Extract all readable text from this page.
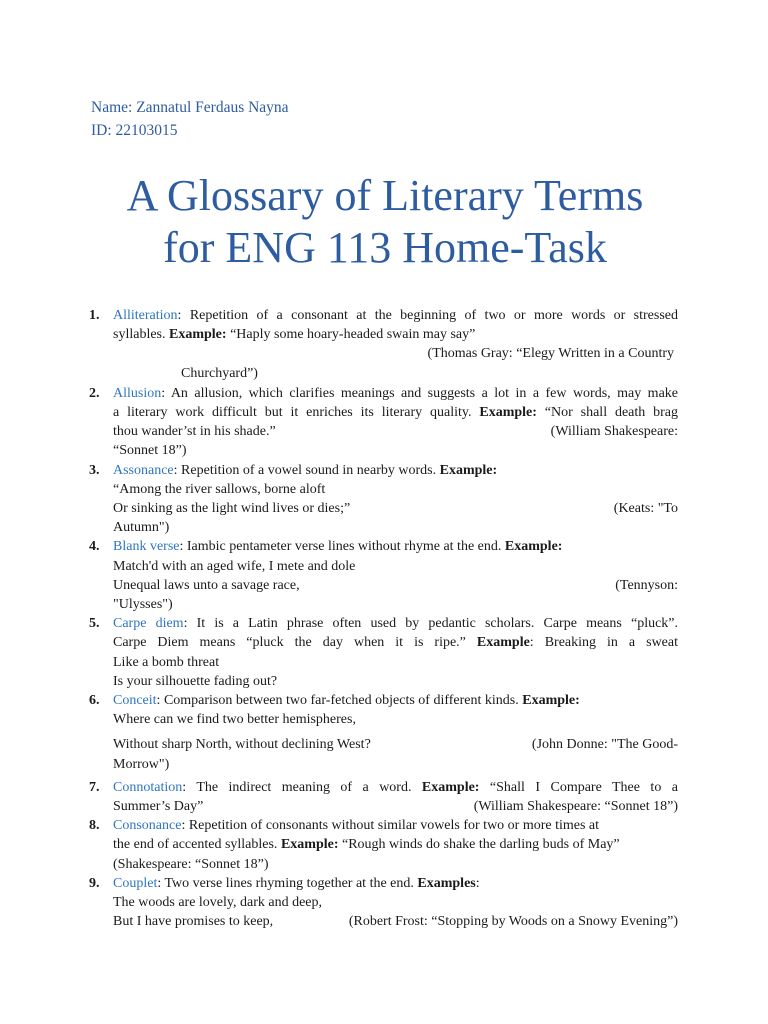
Name: Zannatul Ferdaus Nayna
ID: 22103015
A Glossary of Literary Terms
for ENG 113 Home-Task
1. Alliteration: Repetition of a consonant at the beginning of two or more words or stressed
syllables. Example: “Haply some hoary-headed swain may say”
(Thomas Gray: “Elegy Written in a Country
Churchyard”)
2. Allusion: An allusion, which clarifies meanings and suggests a lot in a few words, may make
a literary work difficult but it enriches its literary quality. Example: “Nor shall death brag
thou wander’st in his shade.”	(William Shakespeare:
“Sonnet 18”)
3. Assonance: Repetition of a vowel sound in nearby words. Example:
“Among the river sallows, borne aloft
Or sinking as the light wind lives or dies;”	(Keats: "To
Autumn")
4. Blank verse: Iambic pentameter verse lines without rhyme at the end. Example:
Match'd with an aged wife, I mete and dole
Unequal laws unto a savage race,	(Tennyson:
"Ulysses")
5. Carpe diem: It is a Latin phrase often used by pedantic scholars. Carpe means “pluck”.
Carpe Diem means “pluck the day when it is ripe.” Example: Breaking in a sweat
Like a bomb threat
Is your silhouette fading out?
6. Conceit: Comparison between two far-fetched objects of different kinds. Example:
Where can we find two better hemispheres,
Without sharp North, without declining West?	(John Donne: "The Good-
Morrow")
7. Connotation: The indirect meaning of a word. Example: “Shall I Compare Thee to a
Summer’s Day”	(William Shakespeare: “Sonnet 18”)
8. Consonance: Repetition of consonants without similar vowels for two or more times at
the end of accented syllables. Example: “Rough winds do shake the darling buds of May”
(Shakespeare: “Sonnet 18”)
9. Couplet: Two verse lines rhyming together at the end. Examples:
The woods are lovely, dark and deep,
But I have promises to keep,	(Robert Frost: “Stopping by Woods on a Snowy Evening”)
